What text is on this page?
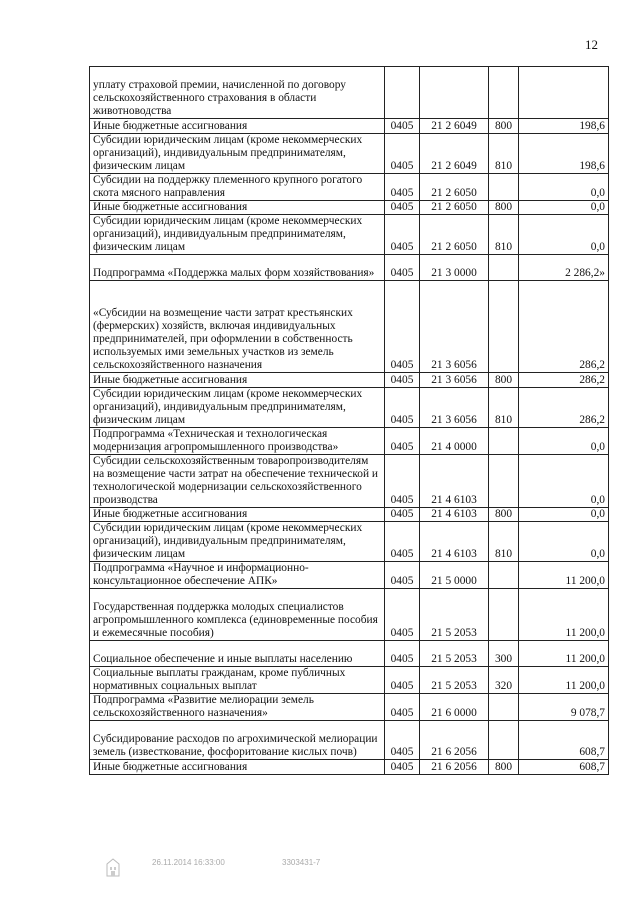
12
уплату страховой премии, начисленной по договору сельскохозяйственного страхования в области животноводства				
Иные бюджетные ассигнования	0405	21 2 6049	800	198,6
Субсидии юридическим лицам (кроме некоммерческих организаций), индивидуальным предпринимателям, физическим лицам	0405	21 2 6049	810	198,6
Субсидии на поддержку племенного крупного рогатого скота мясного направления	0405	21 2 6050		0,0
Иные бюджетные ассигнования	0405	21 2 6050	800	0,0
Субсидии юридическим лицам (кроме некоммерческих организаций), индивидуальным предпринимателям, физическим лицам	0405	21 2 6050	810	0,0
Подпрограмма «Поддержка малых форм хозяйствования»	0405	21 3 0000		2 286,2»
«Субсидии на возмещение части затрат крестьянских (фермерских) хозяйств, включая индивидуальных предпринимателей, при оформлении в собственность используемых ими земельных участков из земель сельскохозяйственного назначения	0405	21 3 6056		286,2
Иные бюджетные ассигнования	0405	21 3 6056	800	286,2
Субсидии юридическим лицам (кроме некоммерческих организаций), индивидуальным предпринимателям, физическим лицам	0405	21 3 6056	810	286,2
Подпрограмма «Техническая и технологическая модернизация агропромышленного производства»	0405	21 4 0000		0,0
Субсидии сельскохозяйственным товаропроизводителям на возмещение части затрат на обеспечение технической и технологической модернизации сельскохозяйственного производства	0405	21 4 6103		0,0
Иные бюджетные ассигнования	0405	21 4 6103	800	0,0
Субсидии юридическим лицам (кроме некоммерческих организаций), индивидуальным предпринимателям, физическим лицам	0405	21 4 6103	810	0,0
Подпрограмма «Научное и информационно-консультационное обеспечение АПК»	0405	21 5 0000		11 200,0
Государственная поддержка молодых специалистов агропромышленного комплекса (единовременные пособия и ежемесячные пособия)	0405	21 5 2053		11 200,0
Социальное обеспечение и иные выплаты населению	0405	21 5 2053	300	11 200,0
Социальные выплаты гражданам, кроме публичных нормативных социальных выплат	0405	21 5 2053	320	11 200,0
Подпрограмма «Развитие мелиорации земель сельскохозяйственного назначения»	0405	21 6 0000		9 078,7
Субсидирование расходов по агрохимической мелиорации земель (известкование, фосфоритование кислых почв)	0405	21 6 2056		608,7
Иные бюджетные ассигнования	0405	21 6 2056	800	608,7
26.11.2014 16:33:00	3303431-7
